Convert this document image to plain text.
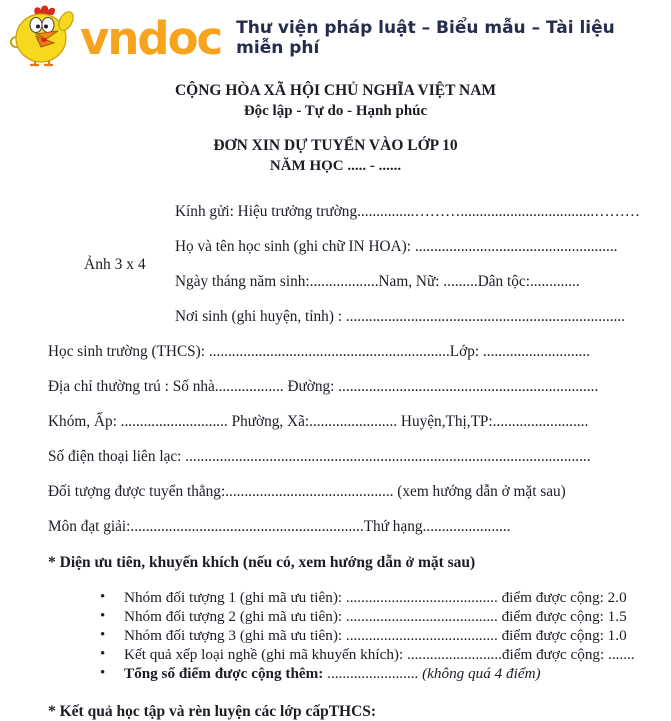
vndoc Thư viện pháp luật – Biểu mẫu – Tài liệu miễn phí
CỘNG HÒA XÃ HỘI CHỦ NGHĨA VIỆT NAM
Độc lập - Tự do - Hạnh phúc
ĐƠN XIN DỰ TUYỂN VÀO LỚP 10
NĂM HỌC ..... - ......
Ảnh 3 x 4

Kính gửi: Hiệu trưởng trường...............………...................................………

Họ và tên học sinh (ghi chữ IN HOA): .....................................................

Ngày tháng năm sinh:..................Nam, Nữ: .........Dân tộc:.............

Nơi sinh (ghi huyện, tỉnh) : .........................................................................

Học sinh trường (THCS): ...............................................................Lớp: ............................

Địa chỉ thường trú : Số nhà.................. Đường: ....................................................................

Khóm, Ấp: ............................ Phường, Xã:....................... Huyện,Thị,TP:.........................

Số điện thoại liên lạc: ..........................................................................................................

Đối tượng được tuyển thẳng:............................................ (xem hướng dẫn ở mặt sau)

Môn đạt giải:.............................................................Thứ hạng.......................

* Diện ưu tiên, khuyến khích (nếu có, xem hướng dẫn ở mặt sau)
• Nhóm đối tượng 1 (ghi mã ưu tiên): ........................................ điểm được cộng: 2.0
• Nhóm đối tượng 2 (ghi mã ưu tiên): ........................................ điểm được cộng: 1.5
• Nhóm đối tượng 3 (ghi mã ưu tiên): ........................................ điểm được cộng: 1.0
• Kết quả xếp loại nghề (ghi mã khuyến khích): .........................điểm được cộng: .......
• Tổng số điểm được cộng thêm: ........................ (không quá 4 điểm)
* Kết quả học tập và rèn luyện các lớp cấpTHCS:
